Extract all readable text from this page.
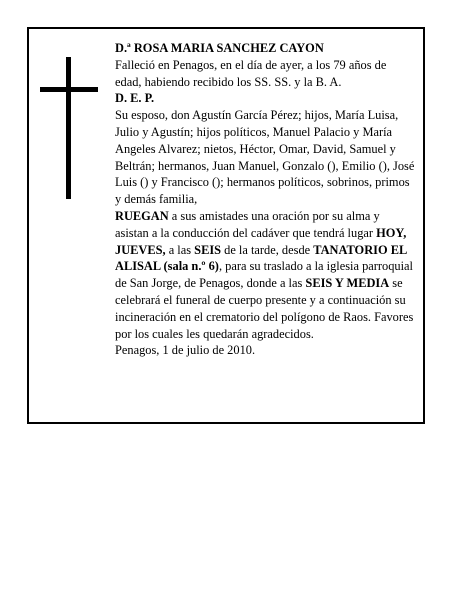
D.ª ROSA MARIA SANCHEZ CAYON

Falleció en Penagos, en el día de ayer, a los 79 años de edad, habiendo recibido los SS. SS. y la B. A.

D. E. P.

Su esposo, don Agustín García Pérez; hijos, María Luisa, Julio y Agustín; hijos políticos, Manuel Palacio y María Angeles Alvarez; nietos, Héctor, Omar, David, Samuel y Beltrán; hermanos, Juan Manuel, Gonzalo (), Emilio (), José Luis () y Francisco (); hermanos políticos, sobrinos, primos y demás familia,

RUEGAN a sus amistades una oración por su alma y asistan a la conducción del cadáver que tendrá lugar HOY, JUEVES, a las SEIS de la tarde, desde TANATORIO EL ALISAL (sala n.º 6), para su traslado a la iglesia parroquial de San Jorge, de Penagos, donde a las SEIS Y MEDIA se celebrará el funeral de cuerpo presente y a continuación su incineración en el crematorio del polígono de Raos. Favores por los cuales les quedarán agradecidos.

Penagos, 1 de julio de 2010.
